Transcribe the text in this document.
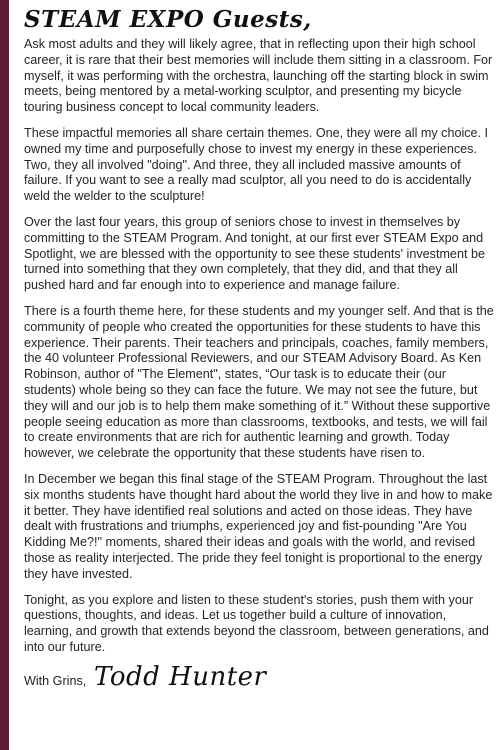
STEAM EXPO Guests,

Ask most adults and they will likely agree, that in reflecting upon their high school career, it is rare that their best memories will include them sitting in a classroom. For myself, it was performing with the orchestra, launching off the starting block in swim meets, being mentored by a metal-working sculptor, and presenting my bicycle touring business concept to local community leaders.

These impactful memories all share certain themes. One, they were all my choice. I owned my time and purposefully chose to invest my energy in these experiences. Two, they all involved "doing". And three, they all included massive amounts of failure. If you want to see a really mad sculptor, all you need to do is accidentally weld the welder to the sculpture!

Over the last four years, this group of seniors chose to invest in themselves by committing to the STEAM Program. And tonight, at our first ever STEAM Expo and Spotlight, we are blessed with the opportunity to see these students' investment be turned into something that they own completely, that they did, and that they all pushed hard and far enough into to experience and manage failure.

There is a fourth theme here, for these students and my younger self. And that is the community of people who created the opportunities for these students to have this experience. Their parents. Their teachers and principals, coaches, family members, the 40 volunteer Professional Reviewers, and our STEAM Advisory Board. As Ken Robinson, author of "The Element", states, “Our task is to educate their (our students) whole being so they can face the future. We may not see the future, but they will and our job is to help them make something of it.” Without these supportive people seeing education as more than classrooms, textbooks, and tests, we will fail to create environments that are rich for authentic learning and growth. Today however, we celebrate the opportunity that these students have risen to.

In December we began this final stage of the STEAM Program. Throughout the last six months students have thought hard about the world they live in and how to make it better. They have identified real solutions and acted on those ideas. They have dealt with frustrations and triumphs, experienced joy and fist-pounding "Are You Kidding Me?!" moments, shared their ideas and goals with the world, and revised those as reality interjected. The pride they feel tonight is proportional to the energy they have invested.

Tonight, as you explore and listen to these student's stories, push them with your questions, thoughts, and ideas. Let us together build a culture of innovation, learning, and growth that extends beyond the classroom, between generations, and into our future.

With Grins, Todd Hunter
